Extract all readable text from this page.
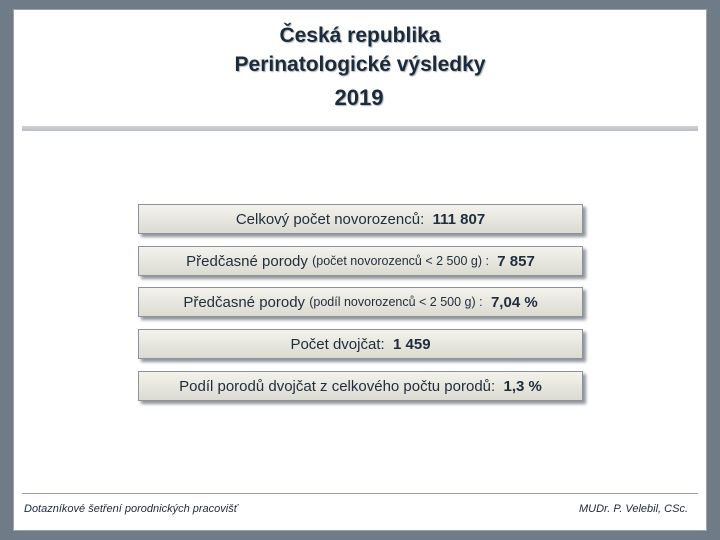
Česká republika
Perinatologické výsledky
2019
Celkový počet novorozenců:
111 807
Předčasné porody
(počet novorozenců < 2 500 g) :
7 857
Předčasné porody
(podíl novorozenců < 2 500 g) :
7,04 %
Počet dvojčat:
1 459
Podíl porodů dvojčat z celkového počtu porodů:
1,3 %
Dotazníkové šetření porodnických pracovišť	MUDr. P. Velebil, CSc.
